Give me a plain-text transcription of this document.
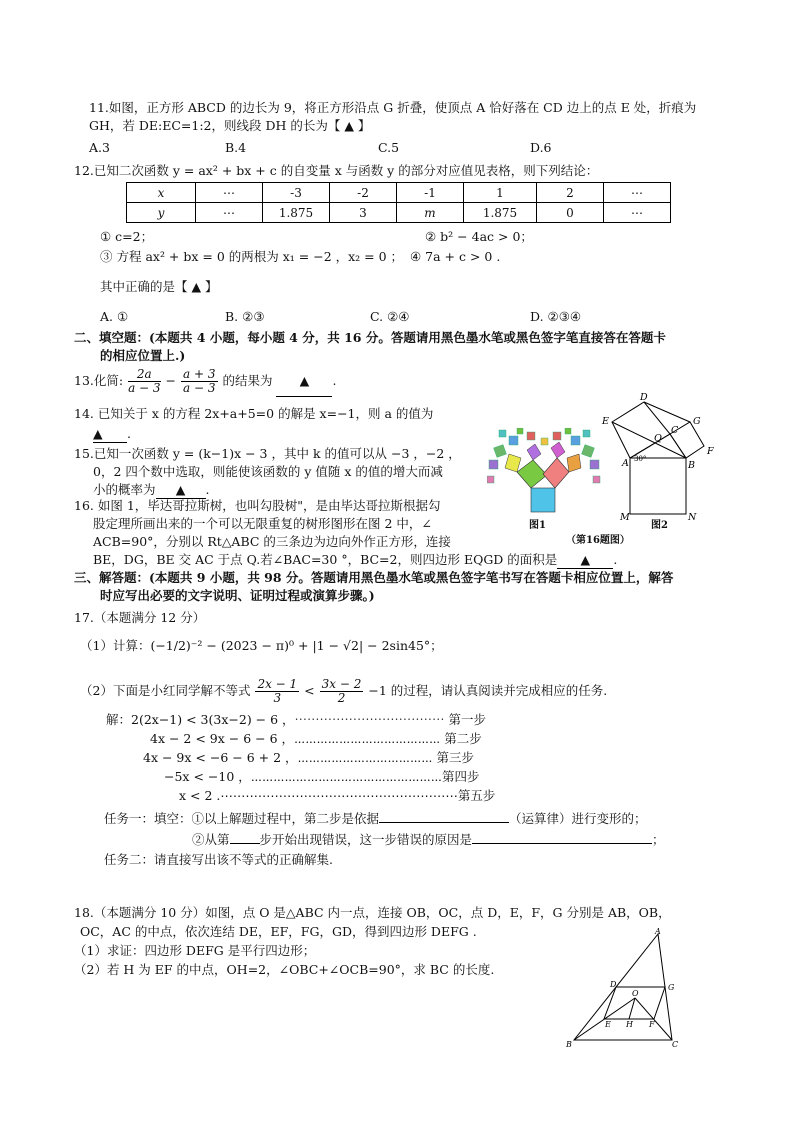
11.如图，正方形 ABCD 的边长为 9，将正方形沿点 G 折叠，使顶点 A 恰好落在 CD 边上的点 E 处，折痕为
GH，若 DE:EC=1:2，则线段 DH 的长为【 ▲ 】
A.3	B.4	C.5	D.6
12.已知二次函数 y = ax² + bx + c 的自变量 x 与函数 y 的部分对应值见表格，则下列结论：
x	⋯	-3	-2	-1	1	2	⋯
y	⋯	1.875	3	m	1.875	0	⋯
① c=2；	② b² − 4ac > 0；
③ 方程 ax² + bx = 0 的两根为 x₁ = −2 ，x₂ = 0 ； ④ 7a + c > 0 .
其中正确的是【 ▲ 】
A. ①	B. ②③	C. ②④	D. ②③④
二、填空题：(本题共 4 小题，每小题 4 分，共 16 分。答题请用黑色墨水笔或黑色签字笔直接答在答题卡
的相应位置上.)
13.化简: $\frac{2a}{a - 3} - \frac{a + 3}{a - 3}$ 的结果为 ▲ .
14. 已知关于 x 的方程 2x+a+5=0 的解是 x=−1，则 a 的值为
▲ .
15.已知一次函数 y = (k−1)x − 3 ，其中 k 的值可以从 −3 ，−2 ，
0，2 四个数中选取，则能使该函数的 y 值随 x 的值的增大而减
小的概率为 ▲ .
16. 如图 1，毕达哥拉斯树，也叫勾股树"，是由毕达哥拉斯根据勾
股定理所画出来的一个可以无限重复的树形图形在图 2 中，∠
ACB=90°，分别以 Rt△ABC 的三条边为边向外作正方形，连接
BE，DG，BE 交 AC 于点 Q.若∠BAC=30 °，BC=2，则四边形 EQGD 的面积是 ▲ .
图1
D
E	G
C
Q
A	B
F
M	N
30°
图2
（第16题图）
三、解答题：(本题共 9 小题，共 98 分。答题请用黑色墨水笔或黑色签字笔书写在答题卡相应位置上，解答
时应写出必要的文字说明、证明过程或演算步骤。)
17.（本题满分 12 分）
（1）计算：(−1/2)⁻² − (2023 − π)⁰ + |1 − √2| − 2sin45°；
（2）下面是小红同学解不等式 $\frac{2x - 1}{3} < \frac{3x - 2}{2} -1$ 的过程，请认真阅读并完成相应的任务.
解：2(2x−1) < 3(3x−2) − 6 ，⋯⋯⋯⋯⋯⋯⋯⋯⋯⋯⋯⋯ 第一步
4x − 2 < 9x − 6 − 6 ，⋯⋯⋯⋯⋯⋯⋯⋯⋯⋯⋯⋯⋯ 第二步
4x − 9x < −6 − 6 + 2 ，⋯⋯⋯⋯⋯⋯⋯⋯⋯⋯⋯⋯ 第三步
−5x < −10 ，⋯⋯⋯⋯⋯⋯⋯⋯⋯⋯⋯⋯⋯⋯⋯⋯⋯第四步
x < 2 .⋯⋯⋯⋯⋯⋯⋯⋯⋯⋯⋯⋯⋯⋯⋯⋯⋯⋯⋯第五步
任务一：填空：①以上解题过程中，第二步是依据	（运算律）进行变形的；
②从第 步开始出现错误，这一步错误的原因是	；
任务二：请直接写出该不等式的正确解集.
18.（本题满分 10 分）如图，点 O 是△ABC 内一点，连接 OB，OC，点 D，E，F，G 分别是 AB，OB，
OC，AC 的中点，依次连结 DE，EF，FG，GD，得到四边形 DEFG .
（1）求证：四边形 DEFG 是平行四边形；
（2）若 H 为 EF 的中点，OH=2，∠OBC+∠OCB=90°，求 BC 的长度.
A
D	G
O
E H F
B	C
